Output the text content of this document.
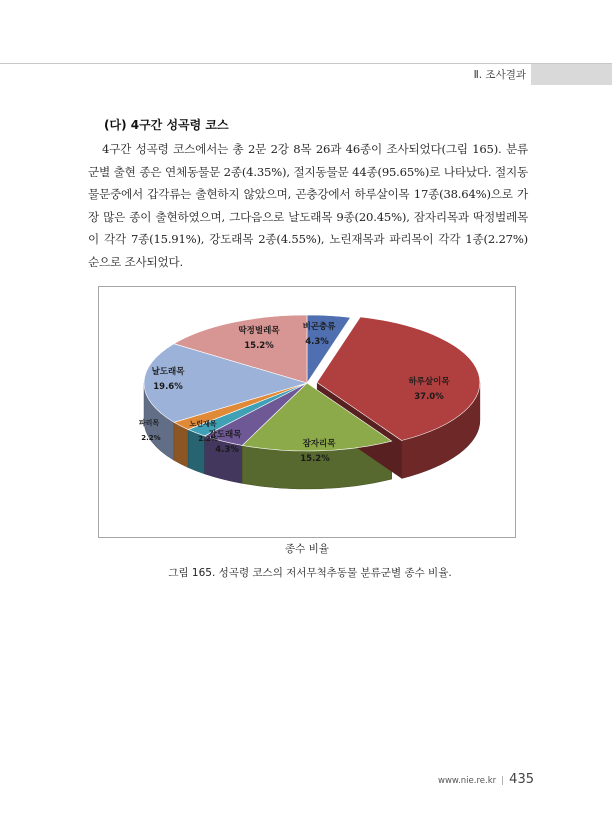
Ⅱ. 조사결과
(다) 4구간 성곡령 코스
4구간 성곡령 코스에서는 총 2문 2강 8목 26과 46종이 조사되었다(그림 165). 분류군별 출현 종은 연체동물문 2종(4.35%), 절지동물문 44종(95.65%)로 나타났다. 절지동물문중에서 갑각류는 출현하지 않았으며, 곤충강에서 하루살이목 17종(38.64%)으로 가장 많은 종이 출현하였으며, 그다음으로 날도래목 9종(20.45%), 잠자리목과 딱정벌레목이 각각 7종(15.91%), 강도래목 2종(4.55%), 노린재목과 파리목이 각각 1종(2.27%) 순으로 조사되었다.
비곤충류
4.3%
하루살이목
37.0%
잠자리목
15.2%
강도래목
4.3%
노린재목
2.2%
파리목
2.2%
날도래목
19.6%
딱정벌레목
15.2%
종수 비율
그림 165. 성곡령 코스의 저서무척추동물 분류군별 종수 비율.
www.nie.re.kr | 435
